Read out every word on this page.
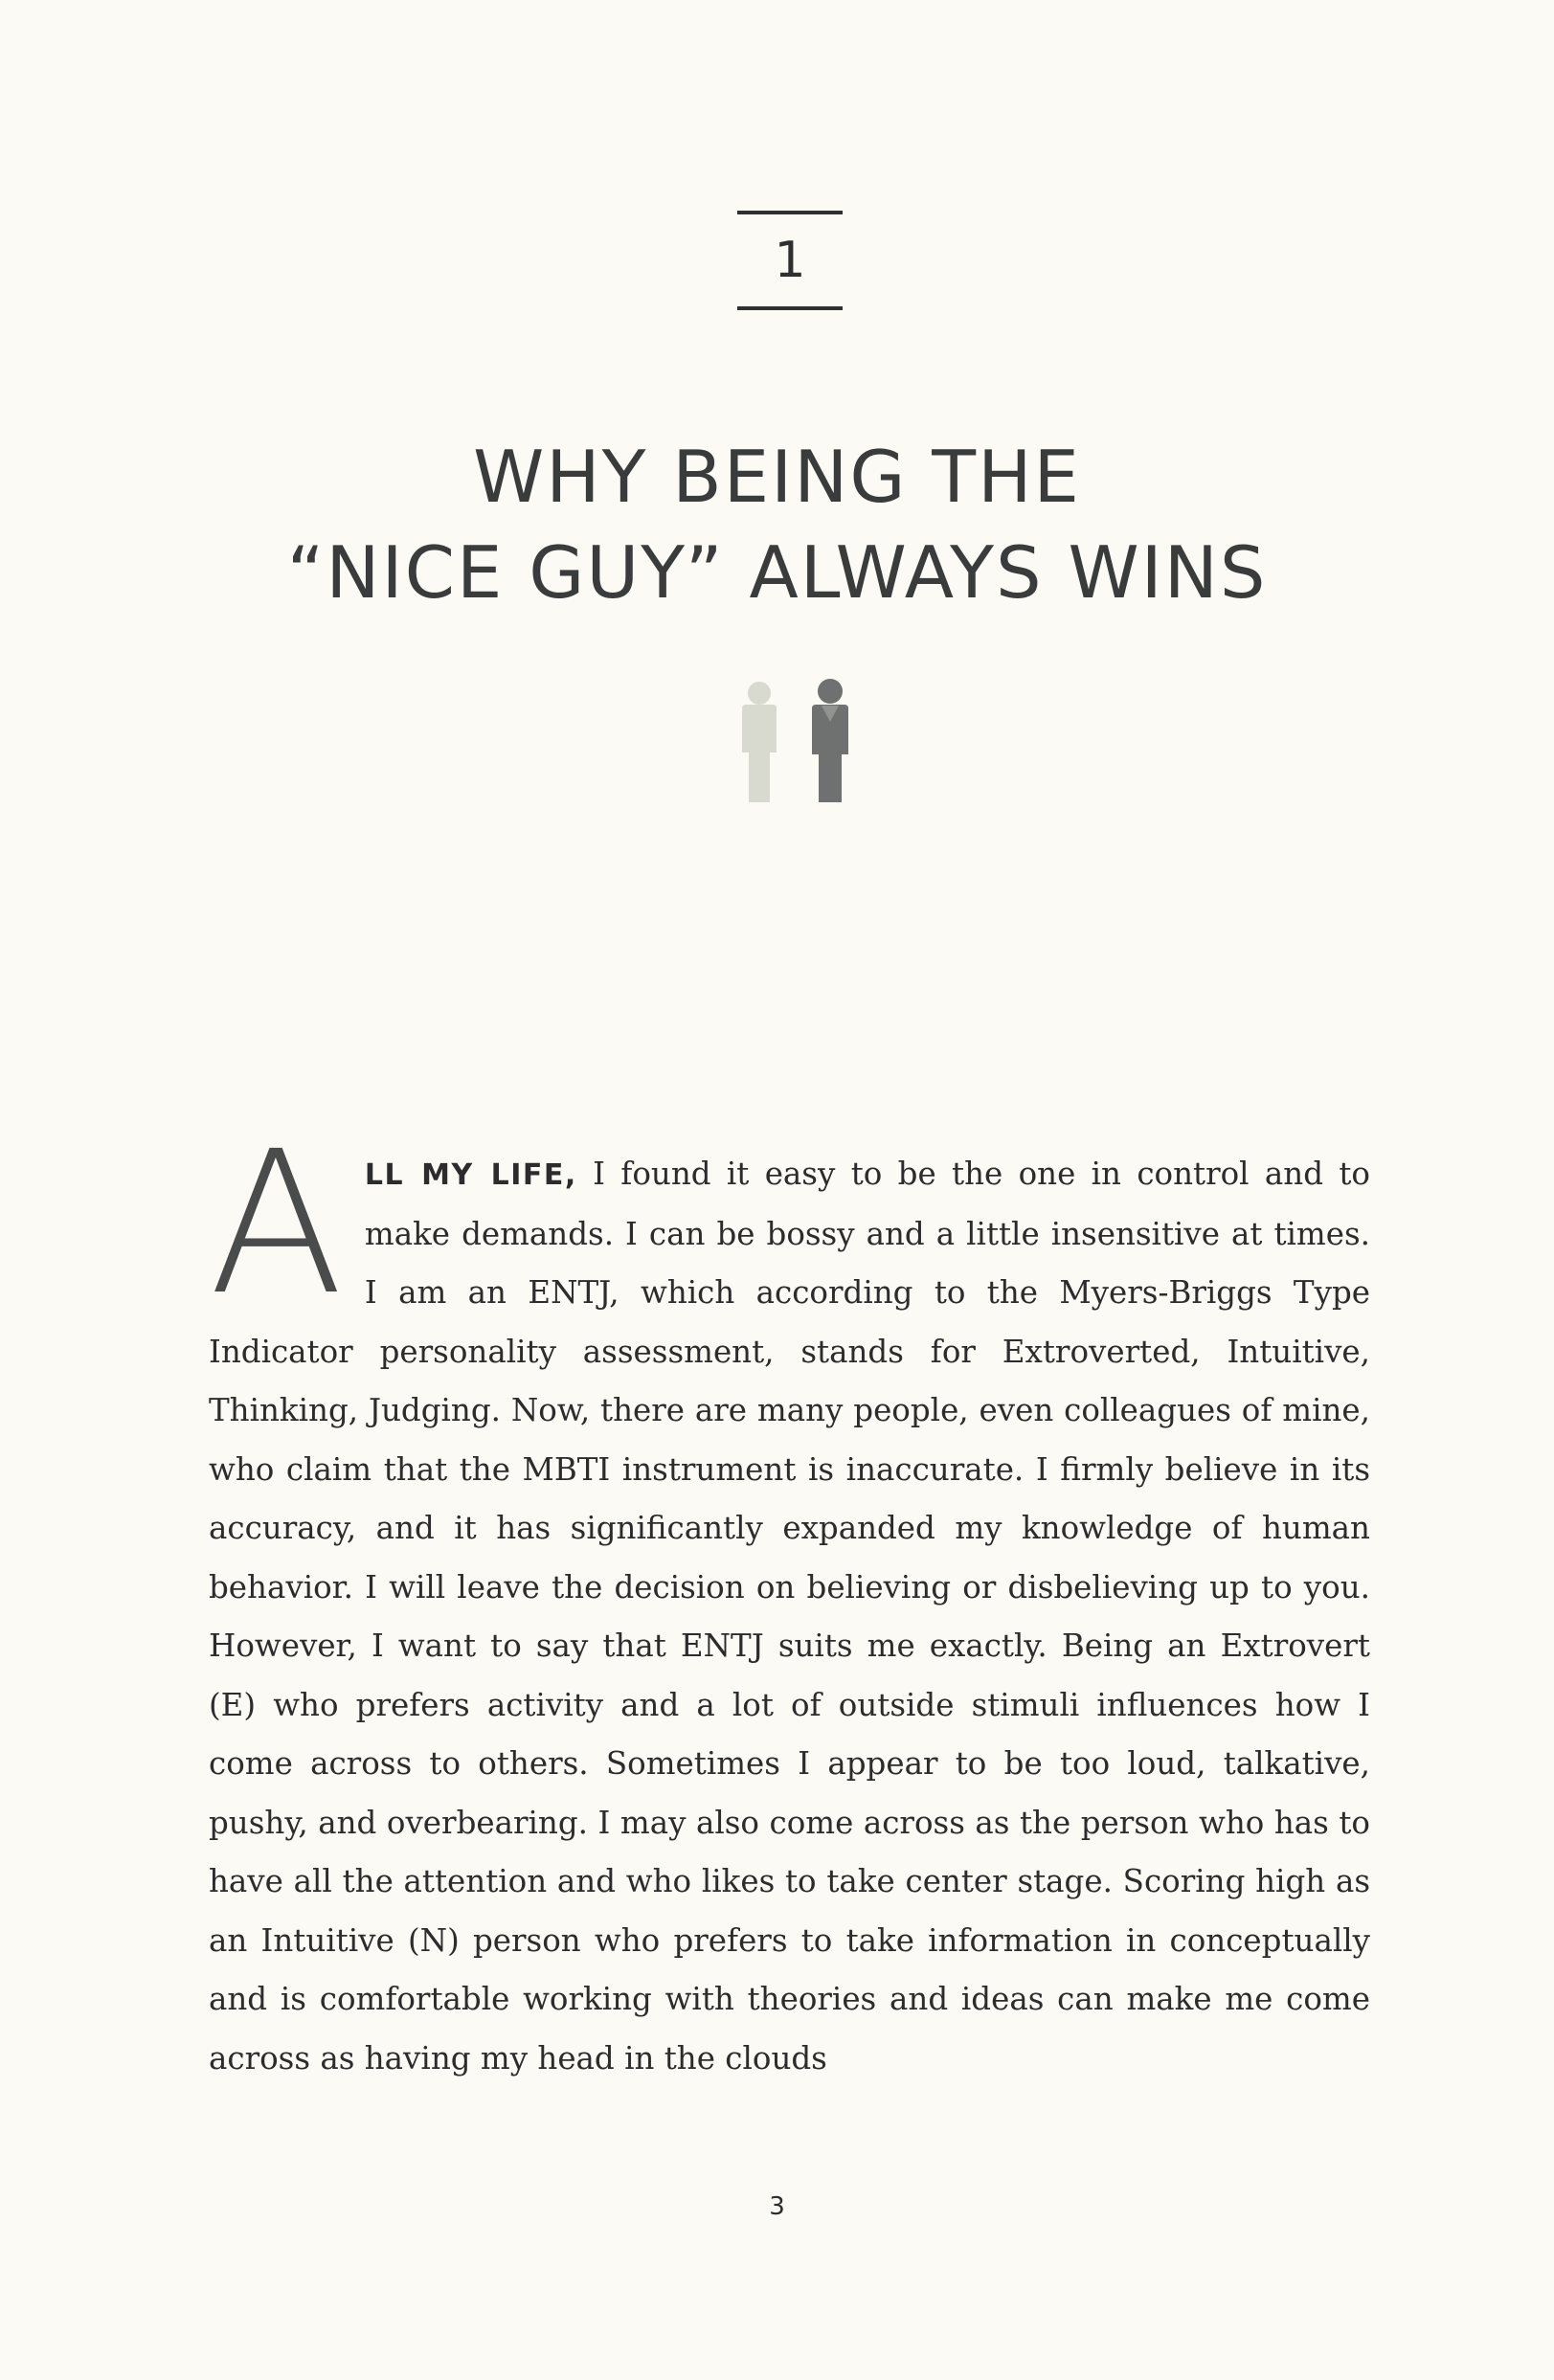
1
WHY BEING THE
“NICE GUY” ALWAYS WINS

ALL MY LIFE, I found it easy to be the one in control and to make demands. I can be bossy and a little insensitive at times. I am an ENTJ, which according to the Myers-Briggs Type Indicator personality assessment, stands for Extroverted, Intuitive, Thinking, Judging. Now, there are many people, even colleagues of mine, who claim that the MBTI instrument is inaccurate. I firmly believe in its accuracy, and it has significantly expanded my knowledge of human behavior. I will leave the decision on believing or disbelieving up to you. However, I want to say that ENTJ suits me exactly. Being an Extrovert (E) who prefers activity and a lot of outside stimuli influences how I come across to others. Sometimes I appear to be too loud, talkative, pushy, and overbearing. I may also come across as the person who has to have all the attention and who likes to take center stage. Scoring high as an Intuitive (N) person who prefers to take information in conceptually and is comfortable working with theories and ideas can make me come across as having my head in the clouds

3
